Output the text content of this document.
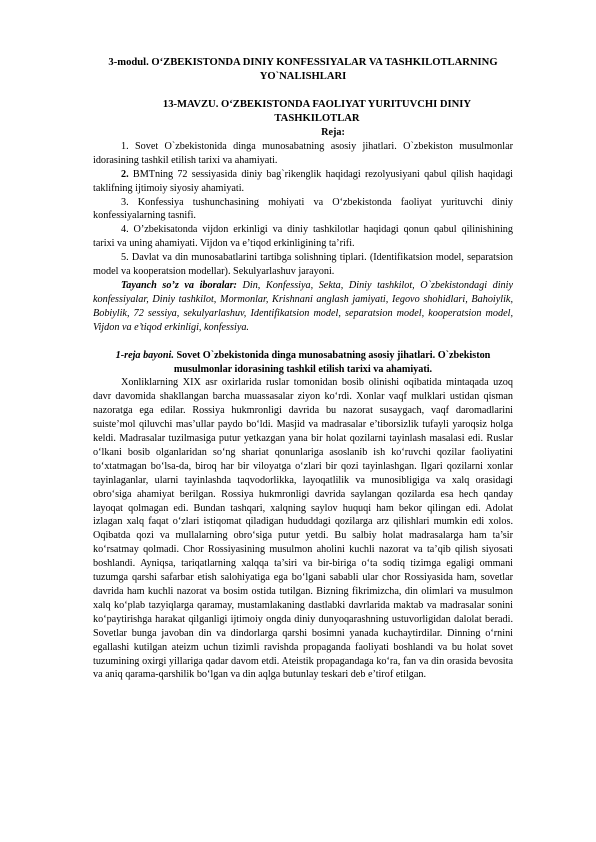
3-modul. O‘ZBEKISTONDA DINIY KONFESSIYALAR VA TASHKILOTLARNING YO`NALISHLARI

13-MAVZU. O‘ZBEKISTONDA FAOLIYAT YURITUVCHI DINIY TASHKILOTLAR

Reja:

1. Sovet O`zbekistonida dinga munosabatning asosiy jihatlari. O`zbekiston musulmonlar idorasining tashkil etilish tarixi va ahamiyati.

2. BMTning 72 sessiyasida diniy bag`rikenglik haqidagi rezolyusiyani qabul qilish haqidagi taklifning ijtimoiy siyosiy ahamiyati.

3. Konfessiya tushunchasining mohiyati va O‘zbekistonda faoliyat yurituvchi diniy konfessiyalarning tasnifi.

4. O’zbekisatonda vijdon erkinligi va diniy tashkilotlar haqidagi qonun qabul qilinishining tarixi va uning ahamiyati. Vijdon va e’tiqod erkinligining ta’rifi.

5. Davlat va din munosabatlarini tartibga solishning tiplari. (Identifikatsion model, separatsion model va kooperatsion modellar). Sekulyarlashuv jarayoni.

Tayanch so’z va iboralar: Din, Konfessiya, Sekta, Diniy tashkilot, O`zbekistondagi diniy konfessiyalar, Diniy tashkilot, Mormonlar, Krishnani anglash jamiyati, Iegovo shohidlari, Bahoiylik, Bobiylik, 72 sessiya, sekulyarlashuv, Identifikatsion model, separatsion model, kooperatsion model, Vijdon va e’tiqod erkinligi, konfessiya.

1-reja bayoni. Sovet O`zbekistonida dinga munosabatning asosiy jihatlari. O`zbekiston musulmonlar idorasining tashkil etilish tarixi va ahamiyati.

Xonliklarning XIX asr oxirlarida ruslar tomonidan bosib olinishi oqibatida mintaqada uzoq davr davomida shakllangan barcha muassasalar ziyon ko‘rdi. Xonlar vaqf mulklari ustidan qisman nazoratga ega edilar. Rossiya hukmronligi davrida bu nazorat susaygach, vaqf daromadlarini suiste’mol qiluvchi mas’ullar paydo bo‘ldi. Masjid va madrasalar e’tiborsizlik tufayli yaroqsiz holga keldi. Madrasalar tuzilmasiga putur yetkazgan yana bir holat qozilarni tayinlash masalasi edi. Ruslar o‘lkani bosib olganlaridan so‘ng shariat qonunlariga asoslanib ish ko‘ruvchi qozilar faoliyatini to‘xtatmagan bo‘lsa-da, biroq har bir viloyatga o‘zlari bir qozi tayinlashgan. Ilgari qozilarni xonlar tayinlaganlar, ularni tayinlashda taqvodorlikka, layoqatlilik va munosibligiga va xalq orasidagi obro‘siga ahamiyat berilgan. Rossiya hukmronligi davrida saylangan qozilarda esa hech qanday layoqat qolmagan edi. Bundan tashqari, xalqning saylov huquqi ham bekor qilingan edi. Adolat izlagan xalq faqat o‘zlari istiqomat qiladigan hududdagi qozilarga arz qilishlari mumkin edi xolos. Oqibatda qozi va mullalarning obro‘siga putur yetdi. Bu salbiy holat madrasalarga ham ta’sir ko‘rsatmay qolmadi. Chor Rossiyasining musulmon aholini kuchli nazorat va ta’qib qilish siyosati boshlandi. Ayniqsa, tariqatlarning xalqqa ta’siri va bir-biriga o‘ta sodiq tizimga egaligi ommani tuzumga qarshi safarbar etish salohiyatiga ega bo‘lgani sababli ular chor Rossiyasida ham, sovetlar davrida ham kuchli nazorat va bosim ostida tutilgan. Bizning fikrimizcha, din olimlari va musulmon xalq ko‘plab tazyiqlarga qaramay, mustamlakaning dastlabki davrlarida maktab va madrasalar sonini ko‘paytirishga harakat qilganligi ijtimoiy ongda diniy dunyoqarashning ustuvorligidan dalolat beradi. Sovetlar bunga javoban din va dindorlarga qarshi bosimni yanada kuchaytirdilar. Dinning o‘rnini egallashi kutilgan ateizm uchun tizimli ravishda propaganda faoliyati boshlandi va bu holat sovet tuzumining oxirgi yillariga qadar davom etdi. Ateistik propagandaga ko‘ra, fan va din orasida bevosita va aniq qarama-qarshilik bo‘lgan va din aqlga butunlay teskari deb e’tirof etilgan.
